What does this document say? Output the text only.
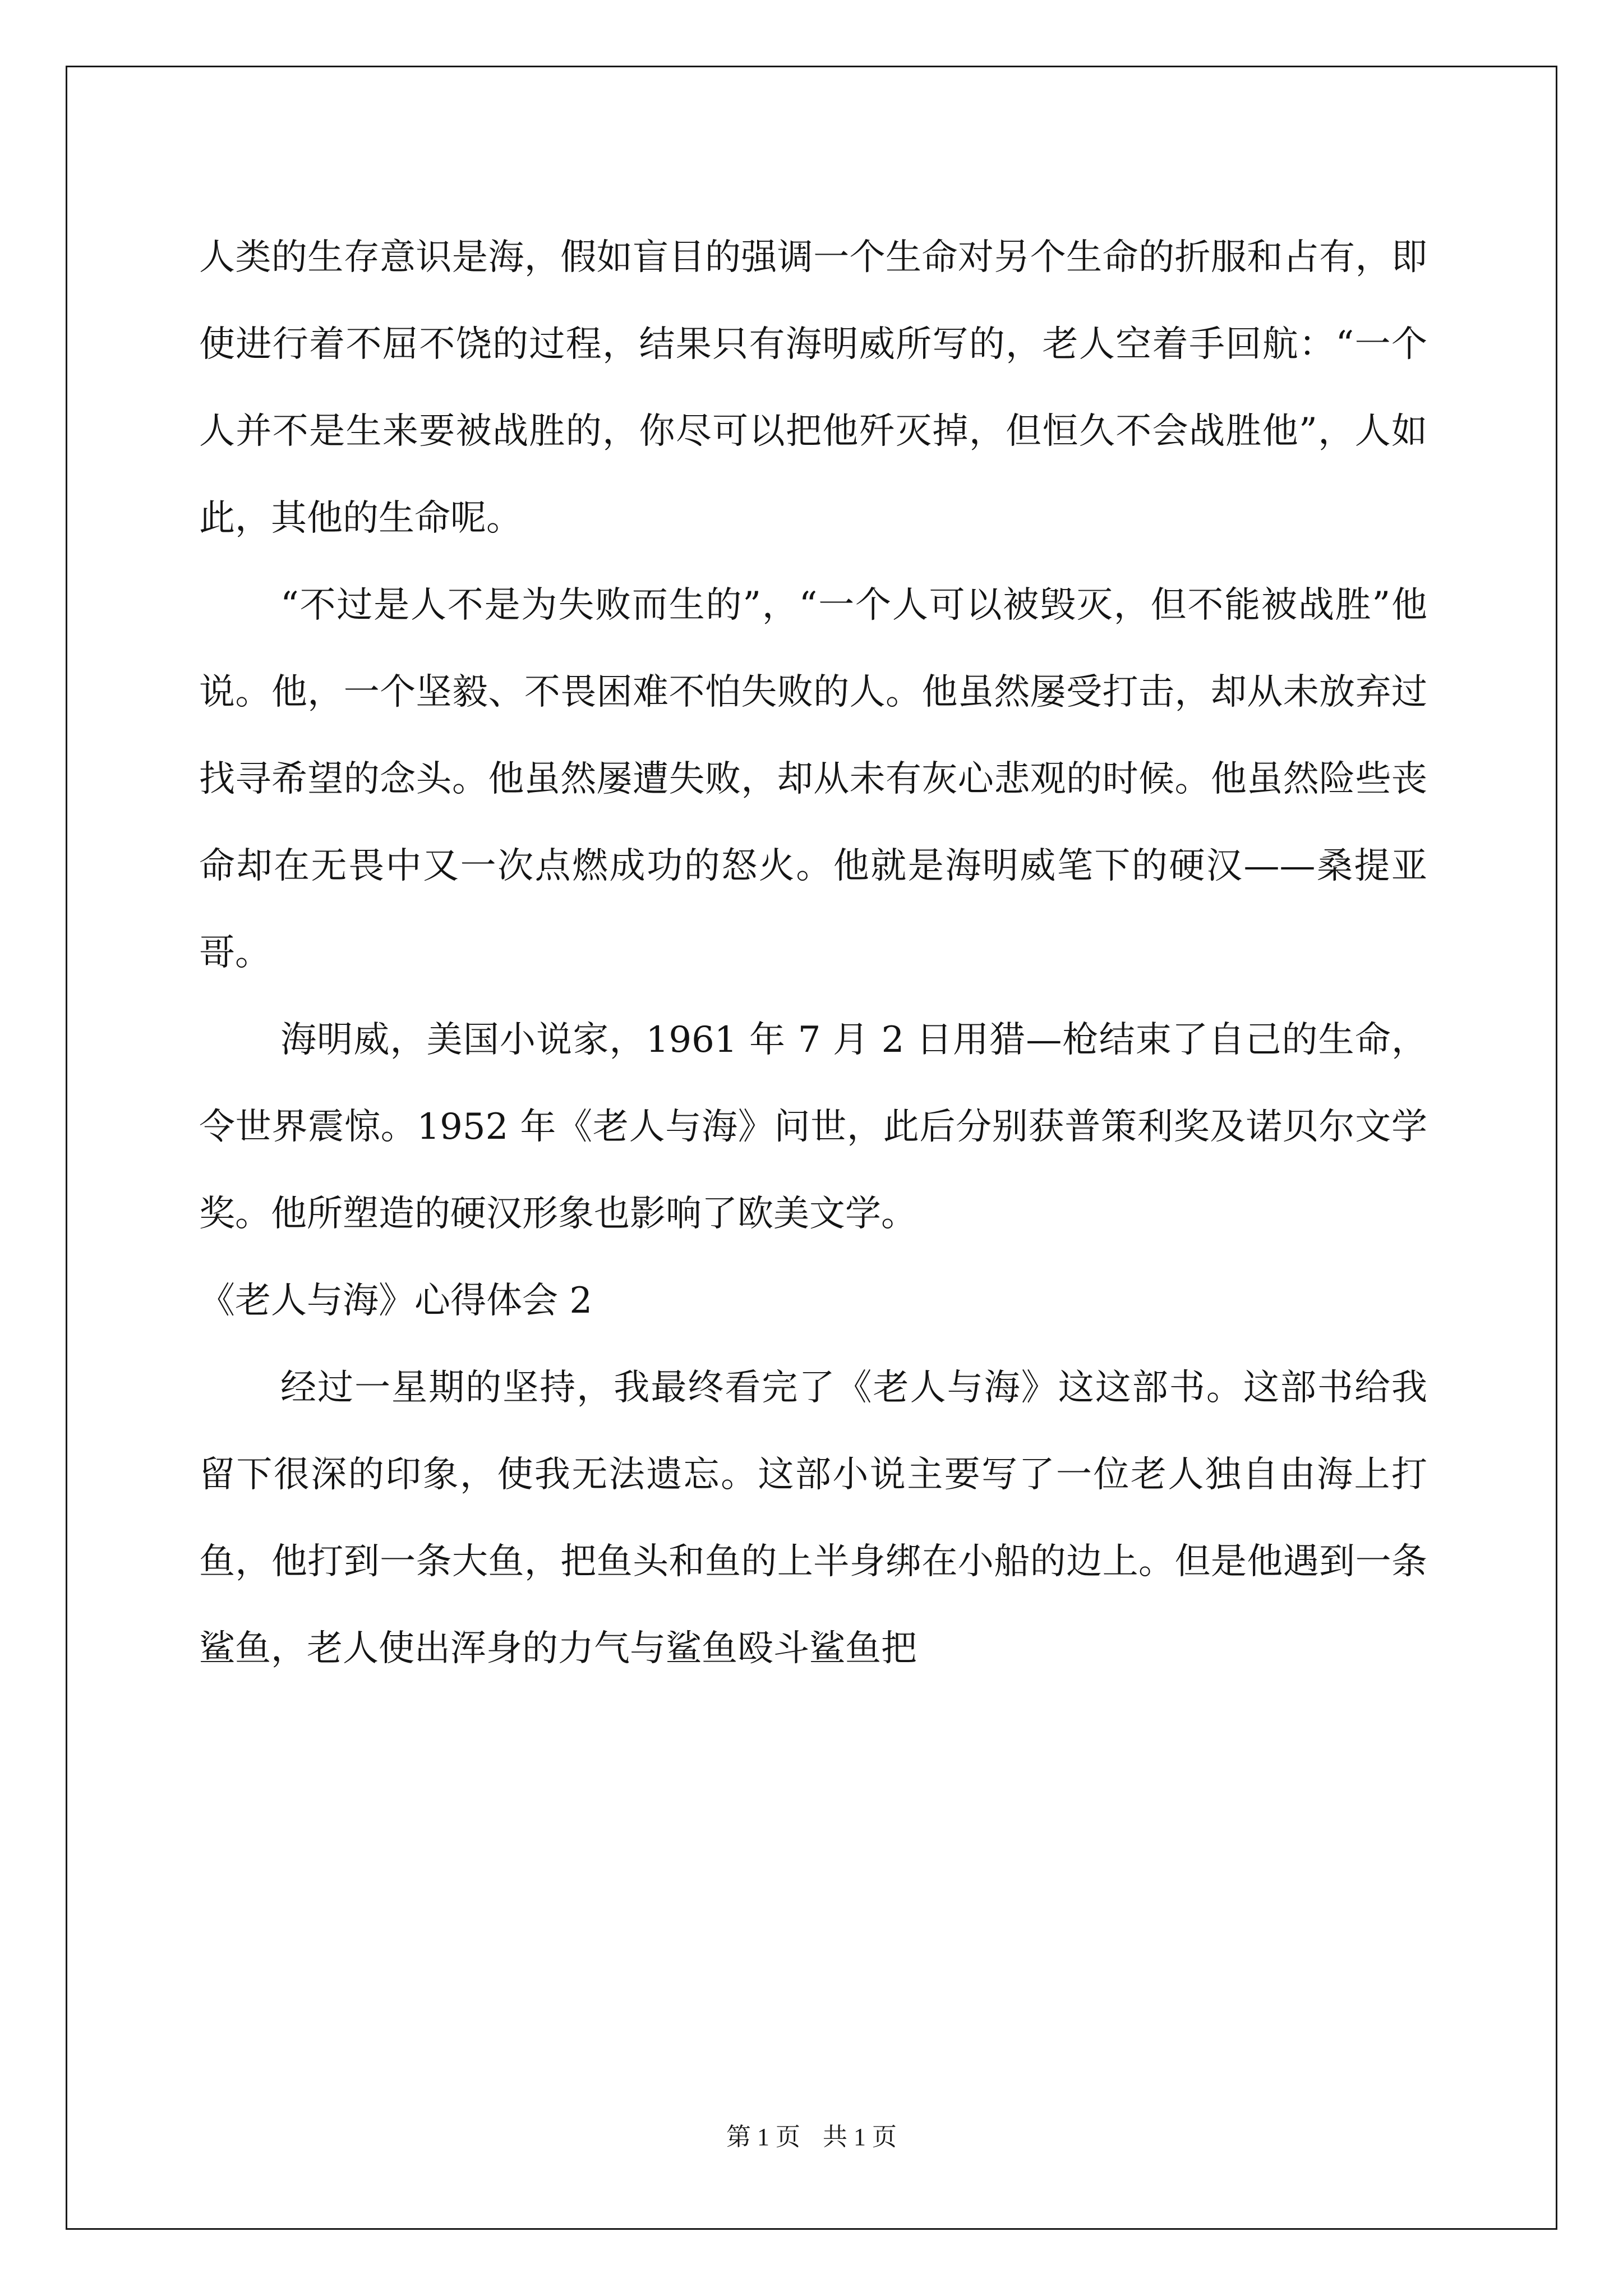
人类的生存意识是海，假如盲目的强调一个生命对另个生命的折服和占有，即使进行着不屈不饶的过程，结果只有海明威所写的，老人空着手回航：“一个人并不是生来要被战胜的，你尽可以把他歼灭掉，但恒久不会战胜他”，人如此，其他的生命呢。

“不过是人不是为失败而生的”，“一个人可以被毁灭，但不能被战胜”他说。他，一个坚毅、不畏困难不怕失败的人。他虽然屡受打击，却从未放弃过找寻希望的念头。他虽然屡遭失败，却从未有灰心悲观的时候。他虽然险些丧命却在无畏中又一次点燃成功的怒火。他就是海明威笔下的硬汉——桑提亚哥。

海明威，美国小说家，1961 年 7 月 2 日用猎—枪结束了自己的生命，令世界震惊。1952 年《老人与海》问世，此后分别获普策利奖及诺贝尔文学奖。他所塑造的硬汉形象也影响了欧美文学。

《老人与海》心得体会 2

经过一星期的坚持，我最终看完了《老人与海》这这部书。这部书给我留下很深的印象，使我无法遗忘。这部小说主要写了一位老人独自由海上打鱼，他打到一条大鱼，把鱼头和鱼的上半身绑在小船的边上。但是他遇到一条鲨鱼，老人使出浑身的力气与鲨鱼殴斗鲨鱼把

第 1 页 共 1 页
